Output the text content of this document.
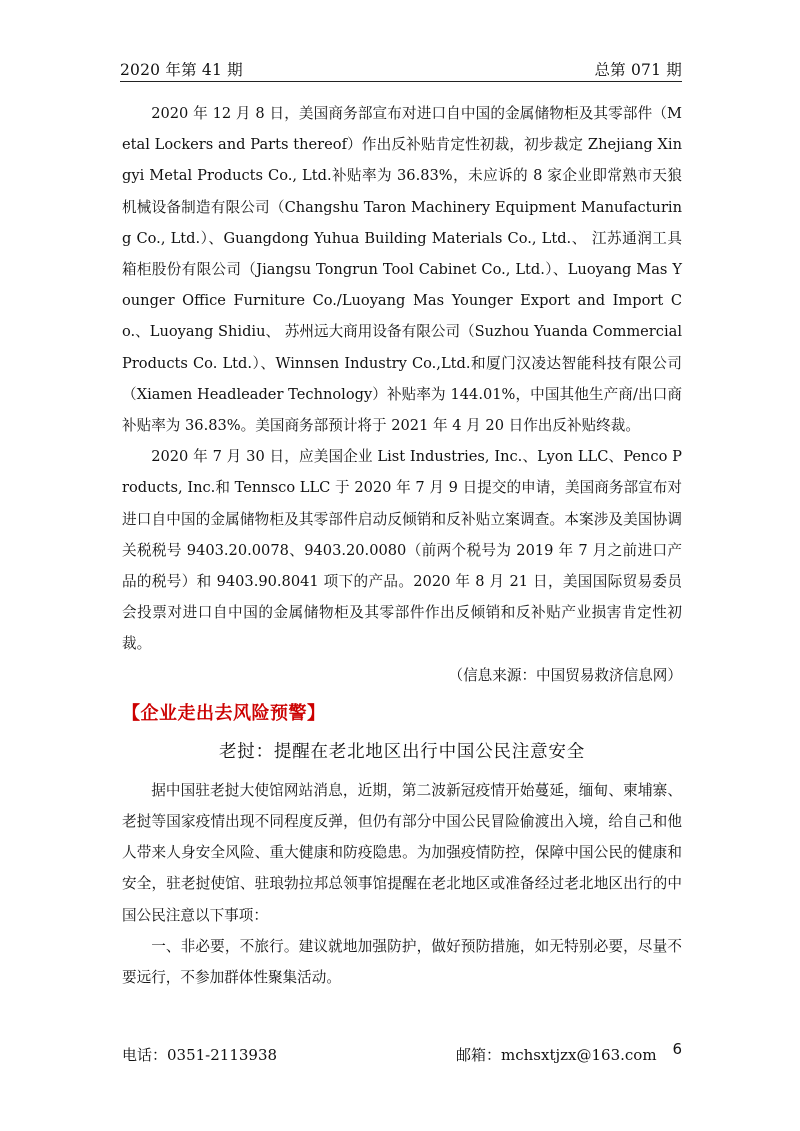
2020 年第 41 期	总第 071 期

2020 年 12 月 8 日，美国商务部宣布对进口自中国的金属储物柜及其零部件（Metal Lockers and Parts thereof）作出反补贴肯定性初裁，初步裁定 Zhejiang Xingyi Metal Products Co., Ltd.补贴率为 36.83%，未应诉的 8 家企业即常熟市天狼机械设备制造有限公司（Changshu Taron Machinery Equipment Manufacturing Co., Ltd.）、Guangdong Yuhua Building Materials Co., Ltd.、 江苏通润工具箱柜股份有限公司（Jiangsu Tongrun Tool Cabinet Co., Ltd.）、Luoyang Mas Younger Office Furniture Co./Luoyang Mas Younger Export and Import Co.、Luoyang Shidiu、 苏州远大商用设备有限公司（Suzhou Yuanda Commercial Products Co. Ltd.）、Winnsen Industry Co.,Ltd.和厦门汉凌达智能科技有限公司（Xiamen Headleader Technology）补贴率为 144.01%，中国其他生产商/出口商补贴率为 36.83%。美国商务部预计将于 2021 年 4 月 20 日作出反补贴终裁。

2020 年 7 月 30 日，应美国企业 List Industries, Inc.、Lyon LLC、Penco Products, Inc.和 Tennsco LLC 于 2020 年 7 月 9 日提交的申请，美国商务部宣布对进口自中国的金属储物柜及其零部件启动反倾销和反补贴立案调查。本案涉及美国协调关税税号 9403.20.0078、9403.20.0080（前两个税号为 2019 年 7 月之前进口产品的税号）和 9403.90.8041 项下的产品。2020 年 8 月 21 日，美国国际贸易委员会投票对进口自中国的金属储物柜及其零部件作出反倾销和反补贴产业损害肯定性初裁。

（信息来源：中国贸易救济信息网）

【企业走出去风险预警】
老挝：提醒在老北地区出行中国公民注意安全

据中国驻老挝大使馆网站消息，近期，第二波新冠疫情开始蔓延，缅甸、柬埔寨、老挝等国家疫情出现不同程度反弹，但仍有部分中国公民冒险偷渡出入境，给自己和他人带来人身安全风险、重大健康和防疫隐患。为加强疫情防控，保障中国公民的健康和安全，驻老挝使馆、驻琅勃拉邦总领事馆提醒在老北地区或准备经过老北地区出行的中国公民注意以下事项：

一、非必要，不旅行。建议就地加强防护，做好预防措施，如无特别必要，尽量不要远行，不参加群体性聚集活动。

电话：0351-2113938	邮箱：mchsxtjzx@163.com 6
